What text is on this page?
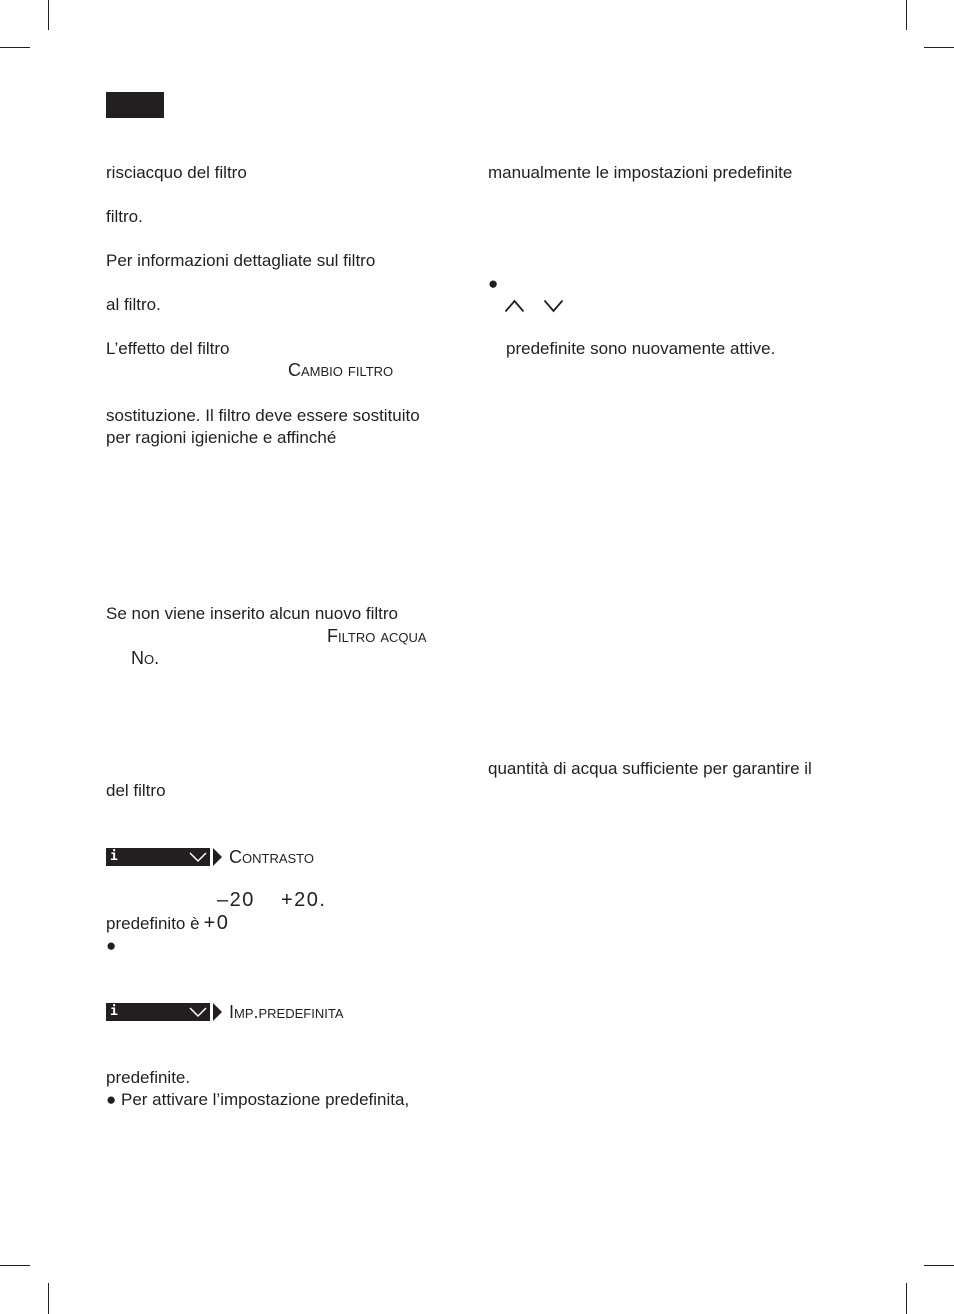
risciacquo del filtro
filtro.
Per informazioni dettagliate sul filtro
al filtro.
L’effetto del filtro
Cambio filtro
sostituzione. Il filtro deve essere sostituito
per ragioni igieniche e affinché
Se non viene inserito alcun nuovo filtro
Filtro acqua
No.
del filtro
i	Contrasto
–20 +20.
predefinito è +0
●
i	Imp.predefinita
predefinite.
● Per attivare l’impostazione predefinita,
manualmente le impostazioni predefinite
●
predefinite sono nuovamente attive.
quantità di acqua sufficiente per garantire il
